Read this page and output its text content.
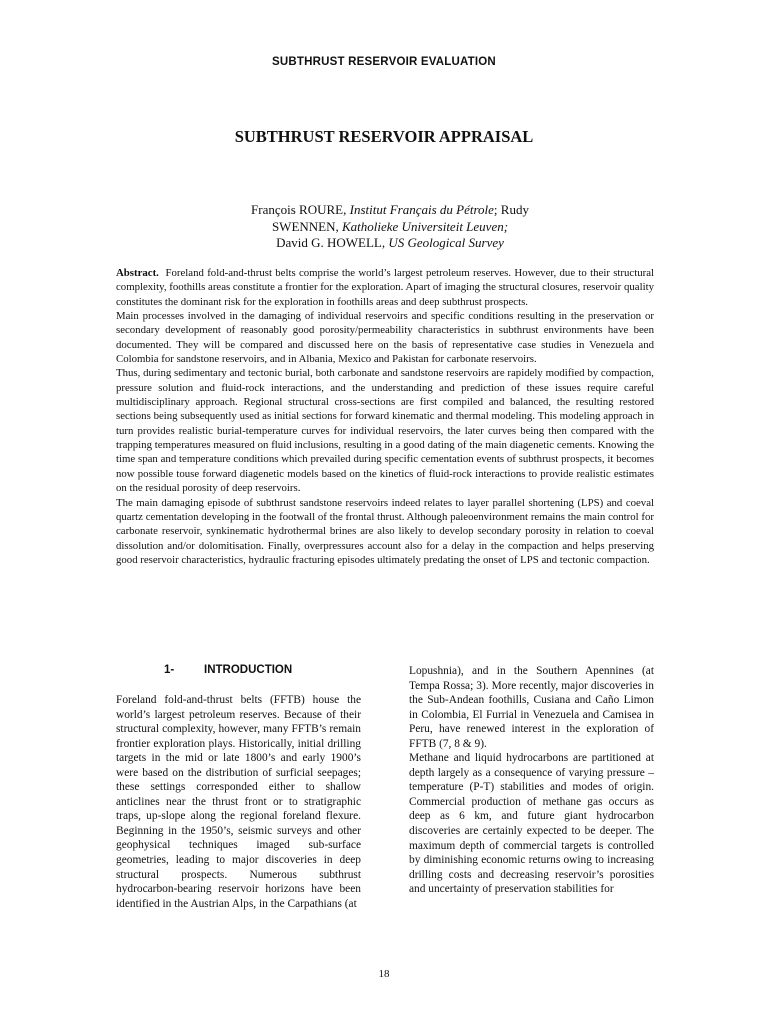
SUBTHRUST RESERVOIR EVALUATION
SUBTHRUST RESERVOIR APPRAISAL
François ROURE, Institut Français du Pétrole; Rudy
SWENNEN, Katholieke Universiteit Leuven;
David G. HOWELL, US Geological Survey

Abstract. Foreland fold-and-thrust belts comprise the world’s largest petroleum reserves. However, due to their structural complexity, foothills areas constitute a frontier for the exploration. Apart of imaging the structural closures, reservoir quality constitutes the dominant risk for the exploration in foothills areas and deep subthrust prospects.

Main processes involved in the damaging of individual reservoirs and specific conditions resulting in the preservation or secondary development of reasonably good porosity/permeability characteristics in subthrust environments have been documented. They will be compared and discussed here on the basis of representative case studies in Venezuela and Colombia for sandstone reservoirs, and in Albania, Mexico and Pakistan for carbonate reservoirs.

Thus, during sedimentary and tectonic burial, both carbonate and sandstone reservoirs are rapidely modified by compaction, pressure solution and fluid-rock interactions, and the understanding and prediction of these issues require careful multidisciplinary approach. Regional structural cross-sections are first compiled and balanced, the resulting restored sections being subsequently used as initial sections for forward kinematic and thermal modeling. This modeling approach in turn provides realistic burial-temperature curves for individual reservoirs, the later curves being then compared with the trapping temperatures measured on fluid inclusions, resulting in a good dating of the main diagenetic cements. Knowing the time span and temperature conditions which prevailed during specific cementation events of subthrust prospects, it becomes now possible touse forward diagenetic models based on the kinetics of fluid-rock interactions to provide realistic estimates on the residual porosity of deep reservoirs.

The main damaging episode of subthrust sandstone reservoirs indeed relates to layer parallel shortening (LPS) and coeval quartz cementation developing in the footwall of the frontal thrust. Although paleoenvironment remains the main control for carbonate reservoir, synkinematic hydrothermal brines are also likely to develop secondary porosity in relation to coeval dissolution and/or dolomitisation. Finally, overpressures account also for a delay in the compaction and helps preserving good reservoir characteristics, hydraulic fracturing episodes ultimately predating the onset of LPS and tectonic compaction.

1-	INTRODUCTION

Foreland fold-and-thrust belts (FFTB) house the world’s largest petroleum reserves. Because of their structural complexity, however, many FFTB’s remain frontier exploration plays. Historically, initial drilling targets in the mid or late 1800’s and early 1900’s were based on the distribution of surficial seepages; these settings corresponded either to shallow anticlines near the thrust front or to stratigraphic traps, up-slope along the regional foreland flexure. Beginning in the 1950’s, seismic surveys and other geophysical techniques imaged sub-surface geometries, leading to major discoveries in deep structural prospects. Numerous subthrust hydrocarbon-bearing reservoir horizons have been identified in the Austrian Alps, in the Carpathians (at

Lopushnia), and in the Southern Apennines (at Tempa Rossa; 3). More recently, major discoveries in the Sub-Andean foothills, Cusiana and Caño Limon in Colombia, El Furrial in Venezuela and Camisea in Peru, have renewed interest in the exploration of FFTB (7, 8 & 9).

Methane and liquid hydrocarbons are partitioned at depth largely as a consequence of varying pressure – temperature (P-T) stabilities and modes of origin. Commercial production of methane gas occurs as deep as 6 km, and future giant hydrocarbon discoveries are certainly expected to be deeper. The maximum depth of commercial targets is controlled by diminishing economic returns owing to increasing drilling costs and decreasing reservoir’s porosities and uncertainty of preservation stabilities for

18
